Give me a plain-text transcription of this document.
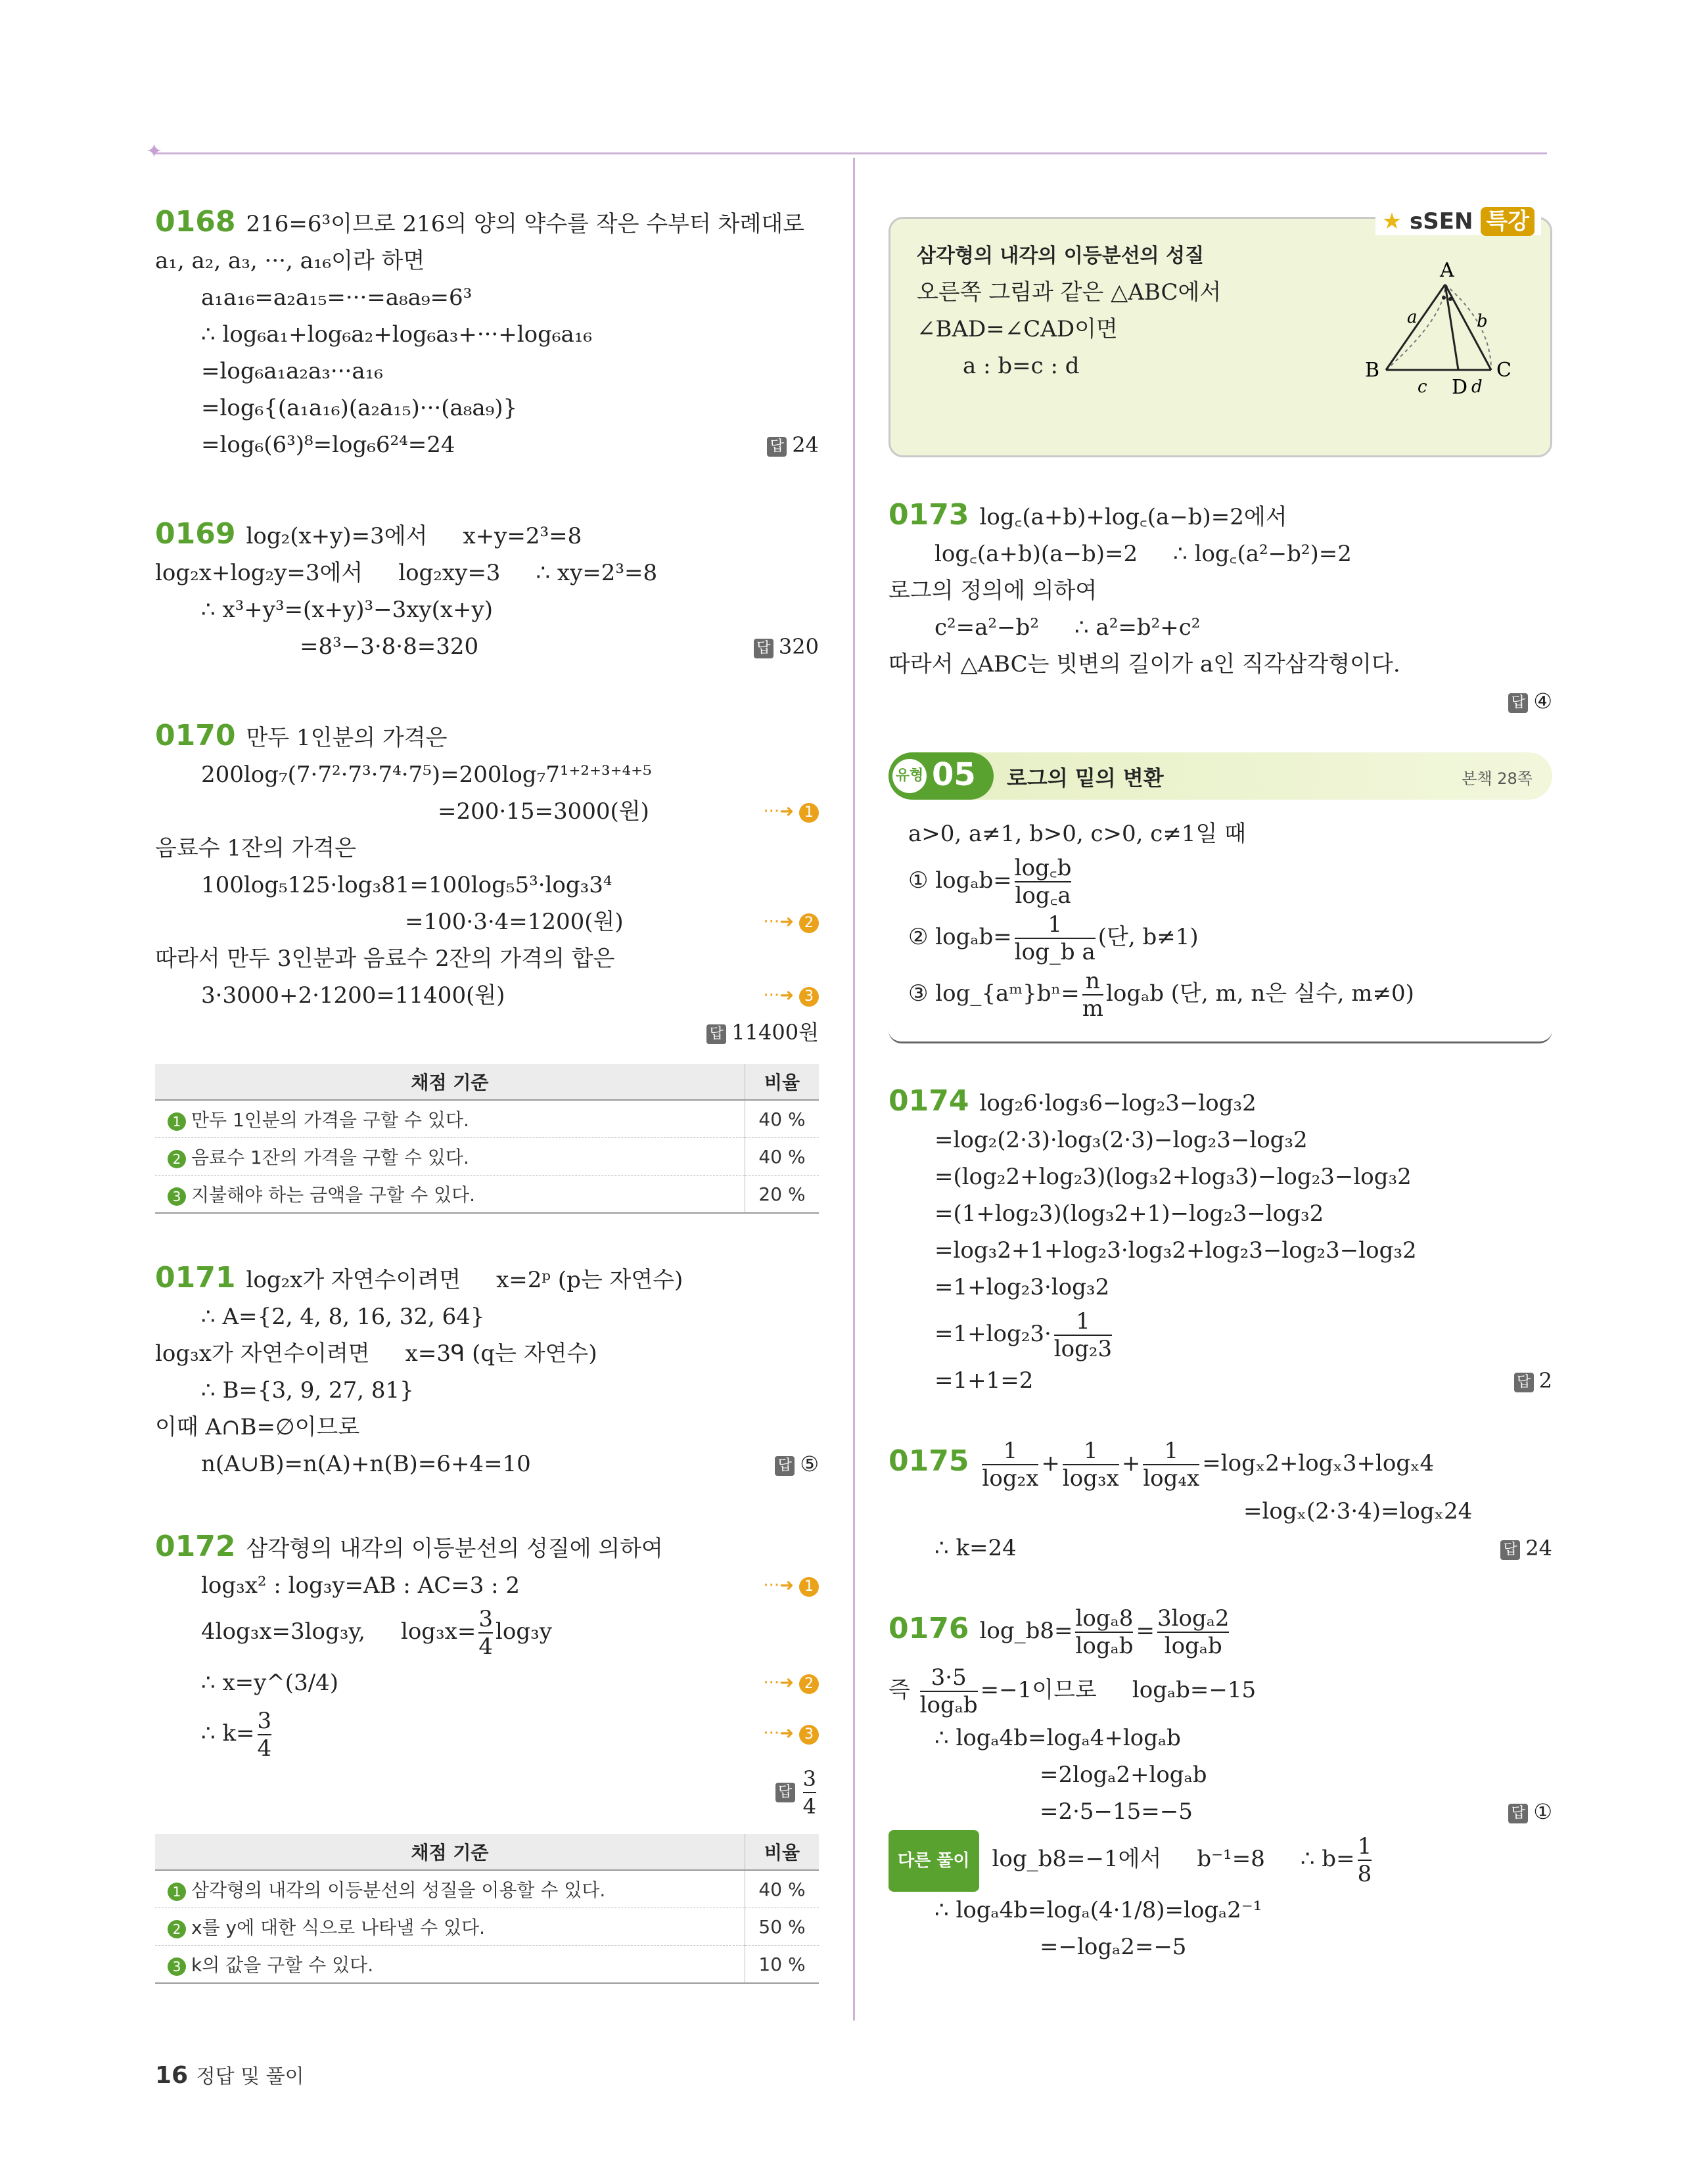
✦
0168 216=6³이므로 216의 양의 약수를 작은 수부터 차례대로
a₁, a₂, a₃, ···, a₁₆이라 하면
a₁a₁₆=a₂a₁₅=···=a₈a₉=6³
∴ log₆a₁+log₆a₂+log₆a₃+···+log₆a₁₆
=log₆a₁a₂a₃···a₁₆
=log₆{(a₁a₁₆)(a₂a₁₅)···(a₈a₉)}
=log₆(6³)⁸=log₆6²⁴=24	답 24
0169 log₂(x+y)=3에서     x+y=2³=8
log₂x+log₂y=3에서     log₂xy=3     ∴ xy=2³=8
∴ x³+y³=(x+y)³−3xy(x+y)
=8³−3·8·8=320	답 320
0170 만두 1인분의 가격은
200log₇(7·7²·7³·7⁴·7⁵)=200log₇7¹⁺²⁺³⁺⁴⁺⁵
=200·15=3000(원)	···➜ 1
음료수 1잔의 가격은
100log₅125·log₃81=100log₅5³·log₃3⁴
=100·3·4=1200(원)	···➜ 2
따라서 만두 3인분과 음료수 2잔의 가격의 합은
3·3000+2·1200=11400(원)	···➜ 3
답 11400원
채점 기준	비율
1 만두 1인분의 가격을 구할 수 있다.	40 %
2 음료수 1잔의 가격을 구할 수 있다.	40 %
3 지불해야 하는 금액을 구할 수 있다.	20 %
0171 log₂x가 자연수이려면     x=2ᵖ (p는 자연수)
∴ A={2, 4, 8, 16, 32, 64}
log₃x가 자연수이려면     x=3ᑫ (q는 자연수)
∴ B={3, 9, 27, 81}
이때 A∩B=∅이므로
n(A∪B)=n(A)+n(B)=6+4=10	답 ⑤
0172 삼각형의 내각의 이등분선의 성질에 의하여
log₃x² : log₃y=AB : AC=3 : 2	···➜ 1
4log₃x=3log₃y,     $\log_3x= \frac{3}{4} \log_3y$
∴ x=y^(3/4)	···➜ 2
∴ $k= \frac{3}{4}$	···➜ 3
답 $\frac{3}{4}$
채점 기준	비율
1 삼각형의 내각의 이등분선의 성질을 이용할 수 있다.	40 %
2 x를 y에 대한 식으로 나타낼 수 있다.	50 %
3 k의 값을 구할 수 있다.	10 %
★ sSEN 특강
삼각형의 내각의 이등분선의 성질
오른쪽 그림과 같은 △ABC에서
∠BAD=∠CAD이면
a : b=c : d
A
B	C
D
a	b
c	d
0173 log꜀(a+b)+log꜀(a−b)=2에서
log꜀(a+b)(a−b)=2     ∴ log꜀(a²−b²)=2
로그의 정의에 의하여
c²=a²−b²     ∴ a²=b²+c²
따라서 △ABC는 빗변의 길이가 a인 직각삼각형이다.
답 ④
유형 05 로그의 밑의 변환	본책 28쪽
a>0, a≠1, b>0, c>0, c≠1일 때
① $\log_ab= \frac{\log꜀b}{\log꜀a}$
② $\log_ab= \frac{1}{\text{log\_b a}}$ (단, b≠1)
③ log_{aᵐ}bⁿ= $\frac{n}{m}$ logₐb (단, m, n은 실수, m≠0)
0174 log₂6·log₃6−log₂3−log₃2
=log₂(2·3)·log₃(2·3)−log₂3−log₃2
=(log₂2+log₂3)(log₃2+log₃3)−log₂3−log₃2
=(1+log₂3)(log₃2+1)−log₂3−log₃2
=log₃2+1+log₂3·log₃2+log₂3−log₂3−log₃2
=1+log₂3·log₃2
$=1+\log_23\cdot \frac{1}{\text{log₂3}}$
=1+1=2	답 2
$0175 \frac{1}{\text{log₂x}} + \frac{1}{\text{log₃x}} + \frac{1}{\text{log₄x}} =\log_x2+\log_x3+\log_x4$
=logₓ(2·3·4)=logₓ24
∴ k=24	답 24
0176 log_b8= $\frac{\text{logₐ8}}{\text{logₐb}} = \frac{\text{3logₐ2}}{\text{logₐb}}$
즉 $\frac{3\cdot 5}{\text{logₐb}} =-1$이므로     logₐb=−15
∴ logₐ4b=logₐ4+logₐb
=2logₐ2+logₐb
=2·5−15=−5	답 ①
다른 풀이 log_b8=−1에서     b⁻¹=8     ∴ $b= \frac{1}{8}$
∴ logₐ4b=logₐ(4·1/8)=logₐ2⁻¹
=−logₐ2=−5
16 정답 및 풀이
